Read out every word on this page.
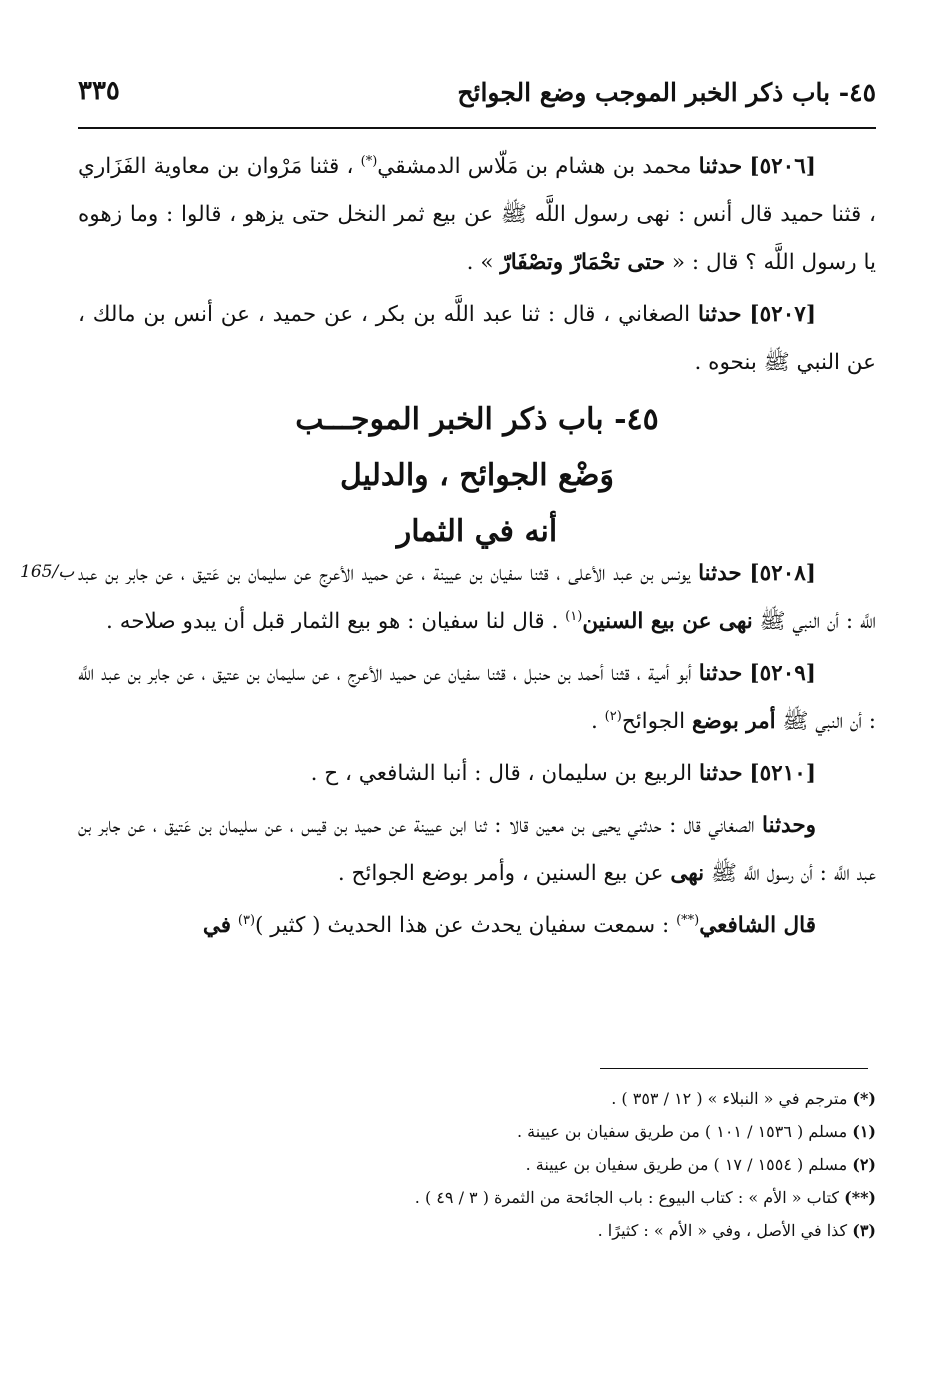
٤٥- باب ذكر الخبر الموجب وضع الجوائح
٣٣٥

[٥٢٠٦] حدثنا محمد بن هشام بن مَلّاس الدمشقي(*) ، قثنا مَرْوان بن معاوية الفَزَاري ، قثنا حميد قال أنس : نهى رسول اللَّه ﷺ عن بيع ثمر النخل حتى يزهو ، قالوا : وما زهوه يا رسول اللَّه ؟ قال : « حتى تحْمَارّ وتصْفَارّ » .

[٥٢٠٧] حدثنا الصغاني ، قال : ثنا عبد اللَّه بن بكر ، عن حميد ، عن أنس بن مالك ، عن النبي ﷺ بنحوه .

٤٥- باب ذكر الخبر الموجـــب
وَضْع الجوائح ، والدليل
أنه في الثمار

[٥٢٠٨] حدثنا يونس بن عبد الأعلى ، قثنا سفيان بن عيينة ، عن حميد الأعرج عن سليمان بن عَتيق ، عن جابر بن عبد اللَّه : أن النبي ﷺ نهى عن بيع السنين$^{(١)}$ . قال لنا سفيان : هو بيع الثمار قبل أن يبدو صلاحه .

[٥٢٠٩] حدثنا أبو أمية ، قثنا أحمد بن حنبل ، قثنا سفيان عن حميد الأعرج ، عن سليمان بن عتيق ، عن جابر بن عبد اللَّه : أن النبي ﷺ أمر بوضع الجوائح$^{(٢)}$ .

[٥٢١٠] حدثنا الربيع بن سليمان ، قال : أنبا الشافعي ، ح .

وحدثنا الصغاني قال : حدثني يحيى بن معين قالا : ثنا ابن عيينة عن حميد بن قيس ، عن سليمان بن عَتيق ، عن جابر بن عبد اللَّه : أن رسول اللَّه ﷺ نهى عن بيع السنين ، وأمر بوضع الجوائح .

قال الشافعي(**) : سمعت سفيان يحدث عن هذا الحديث ( كثير )$^{(٣)}$ في

165/ب
(*) مترجم في « النبلاء » ( ١٢ / ٣٥٣ ) .
(١) مسلم ( ١٥٣٦ / ١٠١ ) من طريق سفيان بن عيينة .
(٢) مسلم ( ١٥٥٤ / ١٧ ) من طريق سفيان بن عيينة .
(**) كتاب « الأم » : كتاب البيوع : باب الجائحة من الثمرة ( ٣ / ٤٩ ) .
(٣) كذا في الأصل ، وفي « الأم » : كثيرًا .
